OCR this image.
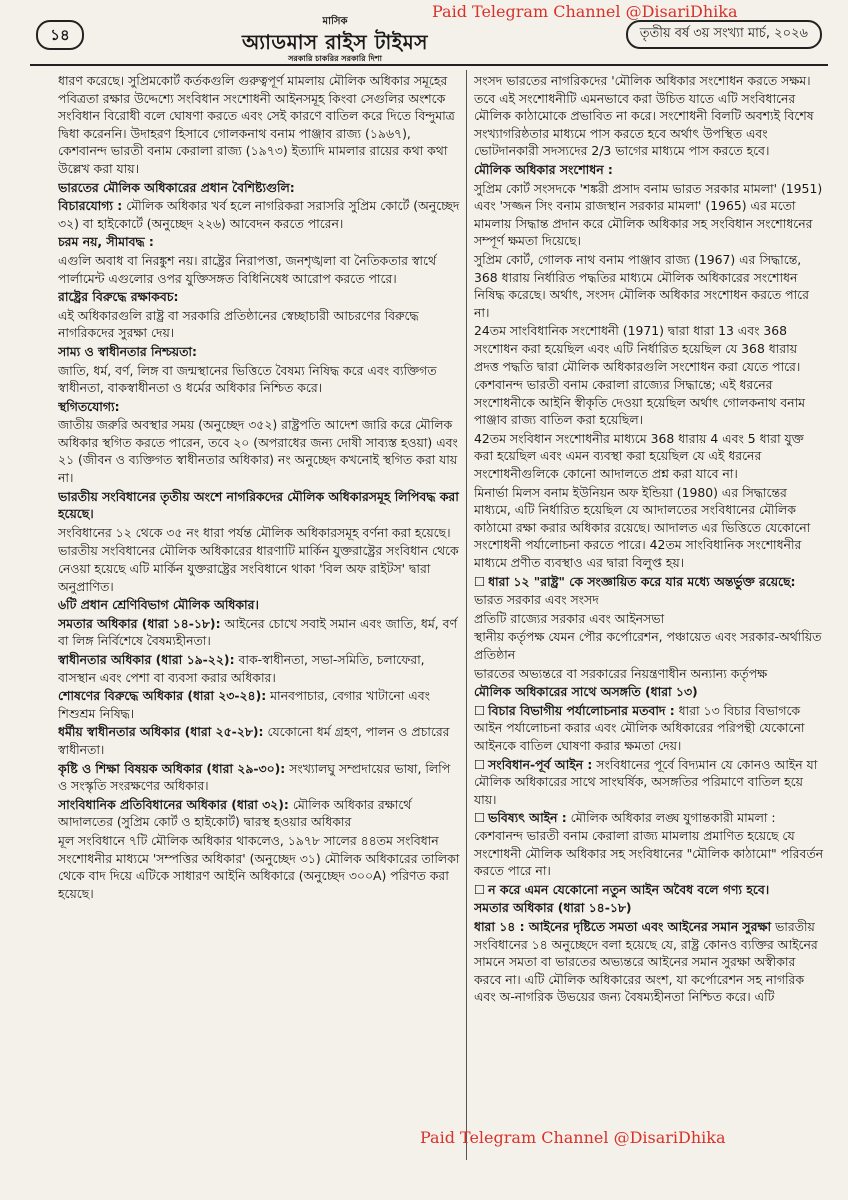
১৪
মাসিক
অ্যাডমাস রাইস টাইমস
সরকারি চাকরির সরকারি দিশা
তৃতীয় বর্ষ ৩য় সংখ্যা মার্চ, ২০২৬
Paid Telegram Channel @DisariDhika

ধারণ করেছে। সুপ্রিমকোর্ট কর্তকগুলি গুরুত্বপূর্ণ মামলায় মৌলিক অধিকার সমূহের পবিত্রতা রক্ষার উদ্দেশ্যে সংবিধান সংশোধনী আইনসমূহ কিংবা সেগুলির অংশকে সংবিধান বিরোধী বলে ঘোষণা করতে এবং সেই কারণে বাতিল করে দিতে বিন্দুমাত্র দ্বিধা করেননি। উদাহরণ হিসাবে গোলকনাথ বনাম পাঞ্জাব রাজ্য (১৯৬৭), কেশবানন্দ ভারতী বনাম কেরালা রাজ্য (১৯৭৩) ইত্যাদি মামলার রায়ের কথা কথা উল্লেখ করা যায়।

ভারতের মৌলিক অধিকারের প্রধান বৈশিষ্ট্যগুলি:

বিচারযোগ্য : মৌলিক অধিকার খর্ব হলে নাগরিকরা সরাসরি সুপ্রিম কোর্টে (অনুচ্ছেদ ৩২) বা হাইকোর্টে (অনুচ্ছেদ ২২৬) আবেদন করতে পারেন।

চরম নয়, সীমাবদ্ধ :

এগুলি অবাধ বা নিরঙ্কুশ নয়। রাষ্ট্রের নিরাপত্তা, জনশৃঙ্খলা বা নৈতিকতার স্বার্থে পার্লামেন্ট এগুলোর ওপর যুক্তিসঙ্গত বিধিনিষেধ আরোপ করতে পারে।

রাষ্ট্রের বিরুদ্ধে রক্ষাকবচ:

এই অধিকারগুলি রাষ্ট্র বা সরকারি প্রতিষ্ঠানের স্বেচ্ছাচারী আচরণের বিরুদ্ধে নাগরিকদের সুরক্ষা দেয়।

সাম্য ও স্বাধীনতার নিশ্চয়তা:

জাতি, ধর্ম, বর্ণ, লিঙ্গ বা জন্মস্থানের ভিত্তিতে বৈষম্য নিষিদ্ধ করে এবং ব্যক্তিগত স্বাধীনতা, বাকস্বাধীনতা ও ধর্মের অধিকার নিশ্চিত করে।

স্থগিতযোগ্য:

জাতীয় জরুরি অবস্থার সময় (অনুচ্ছেদ ৩৫২) রাষ্ট্রপতি আদেশ জারি করে মৌলিক অধিকার স্থগিত করতে পারেন, তবে ২০ (অপরাধের জন্য দোষী সাব্যস্ত হওয়া) এবং ২১ (জীবন ও ব্যক্তিগত স্বাধীনতার অধিকার) নং অনুচ্ছেদ কখনোই স্থগিত করা যায় না।

ভারতীয় সংবিধানের তৃতীয় অংশে নাগরিকদের মৌলিক অধিকারসমূহ লিপিবদ্ধ করা হয়েছে।

সংবিধানের ১২ থেকে ৩৫ নং ধারা পর্যন্ত মৌলিক অধিকারসমূহ বর্ণনা করা হয়েছে।

ভারতীয় সংবিধানের মৌলিক অধিকারের ধারণাটি মার্কিন যুক্তরাষ্ট্রের সংবিধান থেকে নেওয়া হয়েছে এটি মার্কিন যুক্তরাষ্ট্রের সংবিধানে থাকা 'বিল অফ রাইটস' দ্বারা অনুপ্রাণিত।

৬টি প্রধান শ্রেণিবিভাগ মৌলিক অধিকার।

সমতার অধিকার (ধারা ১৪-১৮): আইনের চোখে সবাই সমান এবং জাতি, ধর্ম, বর্ণ বা লিঙ্গ নির্বিশেষে বৈষম্যহীনতা।

স্বাধীনতার অধিকার (ধারা ১৯-২২): বাক-স্বাধীনতা, সভা-সমিতি, চলাফেরা, বাসস্থান এবং পেশা বা ব্যবসা করার অধিকার।

শোষণের বিরুদ্ধে অধিকার (ধারা ২৩-২৪): মানবপাচার, বেগার খাটানো এবং শিশুশ্রম নিষিদ্ধ।

ধর্মীয় স্বাধীনতার অধিকার (ধারা ২৫-২৮): যেকোনো ধর্ম গ্রহণ, পালন ও প্রচারের স্বাধীনতা।

কৃষ্টি ও শিক্ষা বিষয়ক অধিকার (ধারা ২৯-৩০): সংখ্যালঘু সম্প্রদায়ের ভাষা, লিপি ও সংস্কৃতি সংরক্ষণের অধিকার।

সাংবিধানিক প্রতিবিধানের অধিকার (ধারা ৩২): মৌলিক অধিকার রক্ষার্থে আদালতের (সুপ্রিম কোর্ট ও হাইকোর্ট) দ্বারস্থ হওয়ার অধিকার

মূল সংবিধানে ৭টি মৌলিক অধিকার থাকলেও, ১৯৭৮ সালের ৪৪তম সংবিধান সংশোধনীর মাধ্যমে 'সম্পত্তির অধিকার' (অনুচ্ছেদ ৩১) মৌলিক অধিকারের তালিকা থেকে বাদ দিয়ে এটিকে সাধারণ আইনি অধিকারে (অনুচ্ছেদ ৩০০A) পরিণত করা হয়েছে।

সংসদ ভারতের নাগরিকদের 'মৌলিক অধিকার সংশোধন করতে সক্ষম। তবে এই সংশোধনীটি এমনভাবে করা উচিত যাতে এটি সংবিধানের মৌলিক কাঠামোকে প্রভাবিত না করে। সংশোধনী বিলটি অবশ্যই বিশেষ সংখ্যাগরিষ্ঠতার মাধ্যমে পাস করতে হবে অর্থাৎ উপস্থিত এবং ভোটদানকারী সদস্যদের 2/3 ভাগের মাধ্যমে পাস করতে হবে।

মৌলিক অধিকার সংশোধন :

সুপ্রিম কোর্ট সংসদকে 'শঙ্করী প্রসাদ বনাম ভারত সরকার মামলা' (1951) এবং 'সজ্জন সিং বনাম রাজস্থান সরকার মামলা' (1965) এর মতো মামলায় সিদ্ধান্ত প্রদান করে মৌলিক অধিকার সহ সংবিধান সংশোধনের সম্পূর্ণ ক্ষমতা দিয়েছে।

সুপ্রিম কোর্ট, গোলক নাথ বনাম পাঞ্জাব রাজ্য (1967) এর সিদ্ধান্তে, 368 ধারায় নির্ধারিত পদ্ধতির মাধ্যমে মৌলিক অধিকারের সংশোধন নিষিদ্ধ করেছে। অর্থাৎ, সংসদ মৌলিক অধিকার সংশোধন করতে পারে না।

24তম সাংবিধানিক সংশোধনী (1971) দ্বারা ধারা 13 এবং 368 সংশোধন করা হয়েছিল এবং এটি নির্ধারিত হয়েছিল যে 368 ধারায় প্রদত্ত পদ্ধতি দ্বারা মৌলিক অধিকারগুলি সংশোধন করা যেতে পারে।

কেশবানন্দ ভারতী বনাম কেরালা রাজ্যের সিদ্ধান্তে; এই ধরনের সংশোধনীকে আইনি স্বীকৃতি দেওয়া হয়েছিল অর্থাৎ গোলকনাথ বনাম পাঞ্জাব রাজ্য বাতিল করা হয়েছিল।

42তম সংবিধান সংশোধনীর মাধ্যমে 368 ধারায় 4 এবং 5 ধারা যুক্ত করা হয়েছিল এবং এমন ব্যবস্থা করা হয়েছিল যে এই ধরনের সংশোধনীগুলিকে কোনো আদালতে প্রশ্ন করা যাবে না।

মিনার্ভা মিলস বনাম ইউনিয়ন অফ ইন্ডিয়া (1980) এর সিদ্ধান্তের মাধ্যমে, এটি নির্ধারিত হয়েছিল যে আদালতের সংবিধানের মৌলিক কাঠামো রক্ষা করার অধিকার রয়েছে। আদালত এর ভিত্তিতে যেকোনো সংশোধনী পর্যালোচনা করতে পারে। 42তম সাংবিধানিক সংশোধনীর মাধ্যমে প্রণীত ব্যবস্থাও এর দ্বারা বিলুপ্ত হয়।

☐ ধারা ১২ "রাষ্ট্র" কে সংজ্ঞায়িত করে যার মধ্যে অন্তর্ভুক্ত রয়েছে:

ভারত সরকার এবং সংসদ

প্রতিটি রাজ্যের সরকার এবং আইনসভা

স্থানীয় কর্তৃপক্ষ যেমন পৌর কর্পোরেশন, পঞ্চায়েত এবং সরকার-অর্থায়িত প্রতিষ্ঠান

ভারতের অভ্যন্তরে বা সরকারের নিয়ন্ত্রণাধীন অন্যান্য কর্তৃপক্ষ

মৌলিক অধিকারের সাথে অসঙ্গতি (ধারা ১৩)

☐ বিচার বিভাগীয় পর্যালোচনার মতবাদ : ধারা ১৩ বিচার বিভাগকে আইন পর্যালোচনা করার এবং মৌলিক অধিকারের পরিপন্থী যেকোনো আইনকে বাতিল ঘোষণা করার ক্ষমতা দেয়।

☐ সংবিধান-পূর্ব আইন : সংবিধানের পূর্বে বিদ্যমান যে কোনও আইন যা মৌলিক অধিকারের সাথে সাংঘর্ষিক, অসঙ্গতির পরিমাণে বাতিল হয়ে যায়।

☐ ভবিষ্যৎ আইন : মৌলিক অধিকার লঙ্ঘ যুগান্তকারী মামলা : কেশবানন্দ ভারতী বনাম কেরালা রাজ্য মামলায় প্রমাণিত হয়েছে যে সংশোধনী মৌলিক অধিকার সহ সংবিধানের "মৌলিক কাঠামো" পরিবর্তন করতে পারে না।

☐ ন করে এমন যেকোনো নতুন আইন অবৈধ বলে গণ্য হবে।

সমতার অধিকার (ধারা ১৪-১৮)

ধারা ১৪ : আইনের দৃষ্টিতে সমতা এবং আইনের সমান সুরক্ষা ভারতীয় সংবিধানের ১৪ অনুচ্ছেদে বলা হয়েছে যে, রাষ্ট্র কোনও ব্যক্তির আইনের সামনে সমতা বা ভারতের অভ্যন্তরে আইনের সমান সুরক্ষা অস্বীকার করবে না। এটি মৌলিক অধিকারের অংশ, যা কর্পোরেশন সহ নাগরিক এবং অ-নাগরিক উভয়ের জন্য বৈষম্যহীনতা নিশ্চিত করে। এটি

Paid Telegram Channel @DisariDhika
